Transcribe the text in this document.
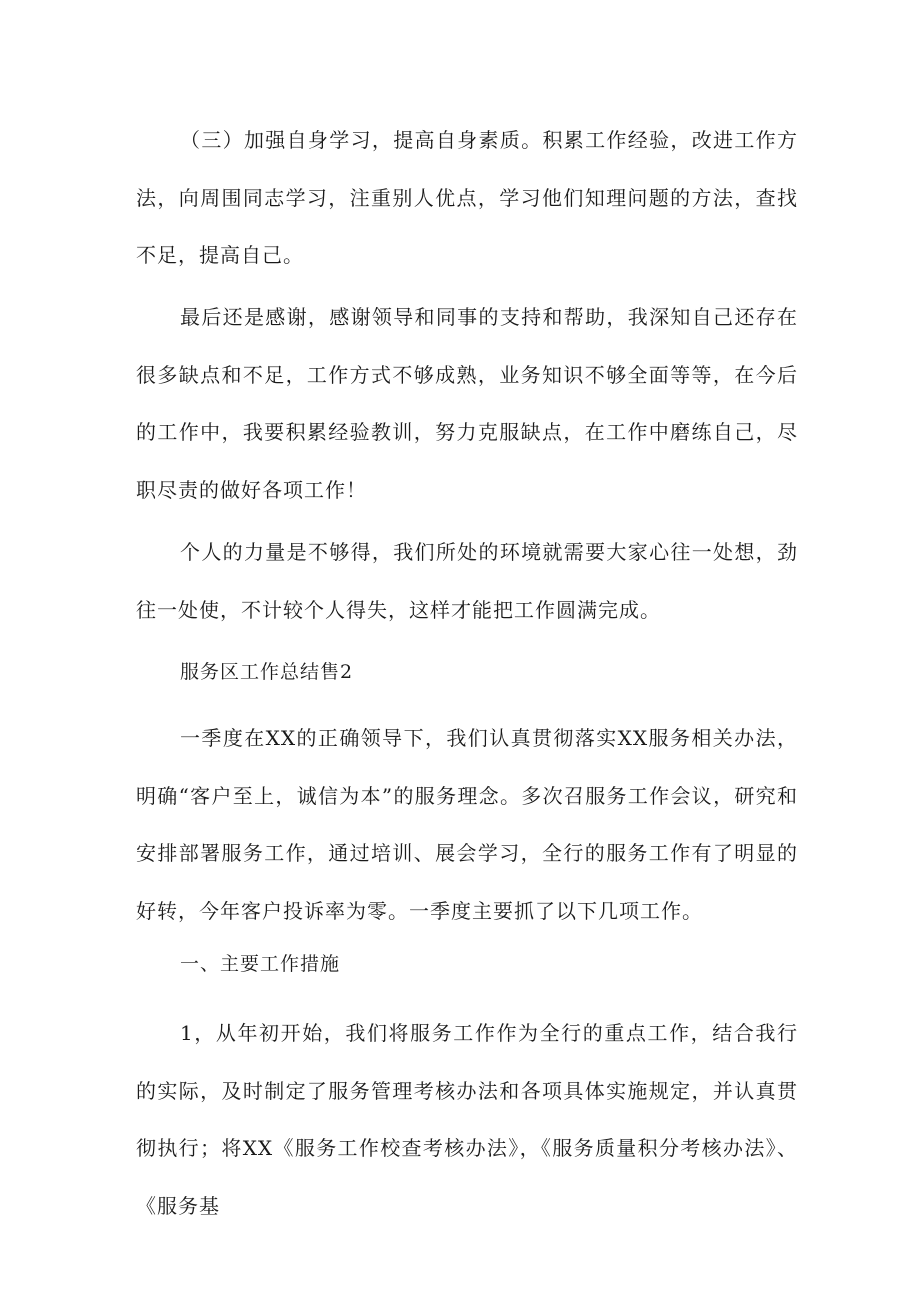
（三）加强自身学习，提高自身素质。积累工作经验，改进工作方法，向周围同志学习，注重别人优点，学习他们知理问题的方法，查找不足，提高自己。

最后还是感谢，感谢领导和同事的支持和帮助，我深知自己还存在很多缺点和不足，工作方式不够成熟，业务知识不够全面等等，在今后的工作中，我要积累经验教训，努力克服缺点，在工作中磨练自己，尽职尽责的做好各项工作！

个人的力量是不够得，我们所处的环境就需要大家心往一处想，劲往一处使，不计较个人得失，这样才能把工作圆满完成。

服务区工作总结售2

一季度在XX的正确领导下，我们认真贯彻落实XX服务相关办法，明确“客户至上，诚信为本”的服务理念。多次召服务工作会议，研究和安排部署服务工作，通过培训、展会学习，全行的服务工作有了明显的好转，今年客户投诉率为零。一季度主要抓了以下几项工作。

一、主要工作措施

1，从年初开始，我们将服务工作作为全行的重点工作，结合我行的实际，及时制定了服务管理考核办法和各项具体实施规定，并认真贯彻执行；将XX《服务工作校查考核办法》，《服务质量积分考核办法》、《服务基
